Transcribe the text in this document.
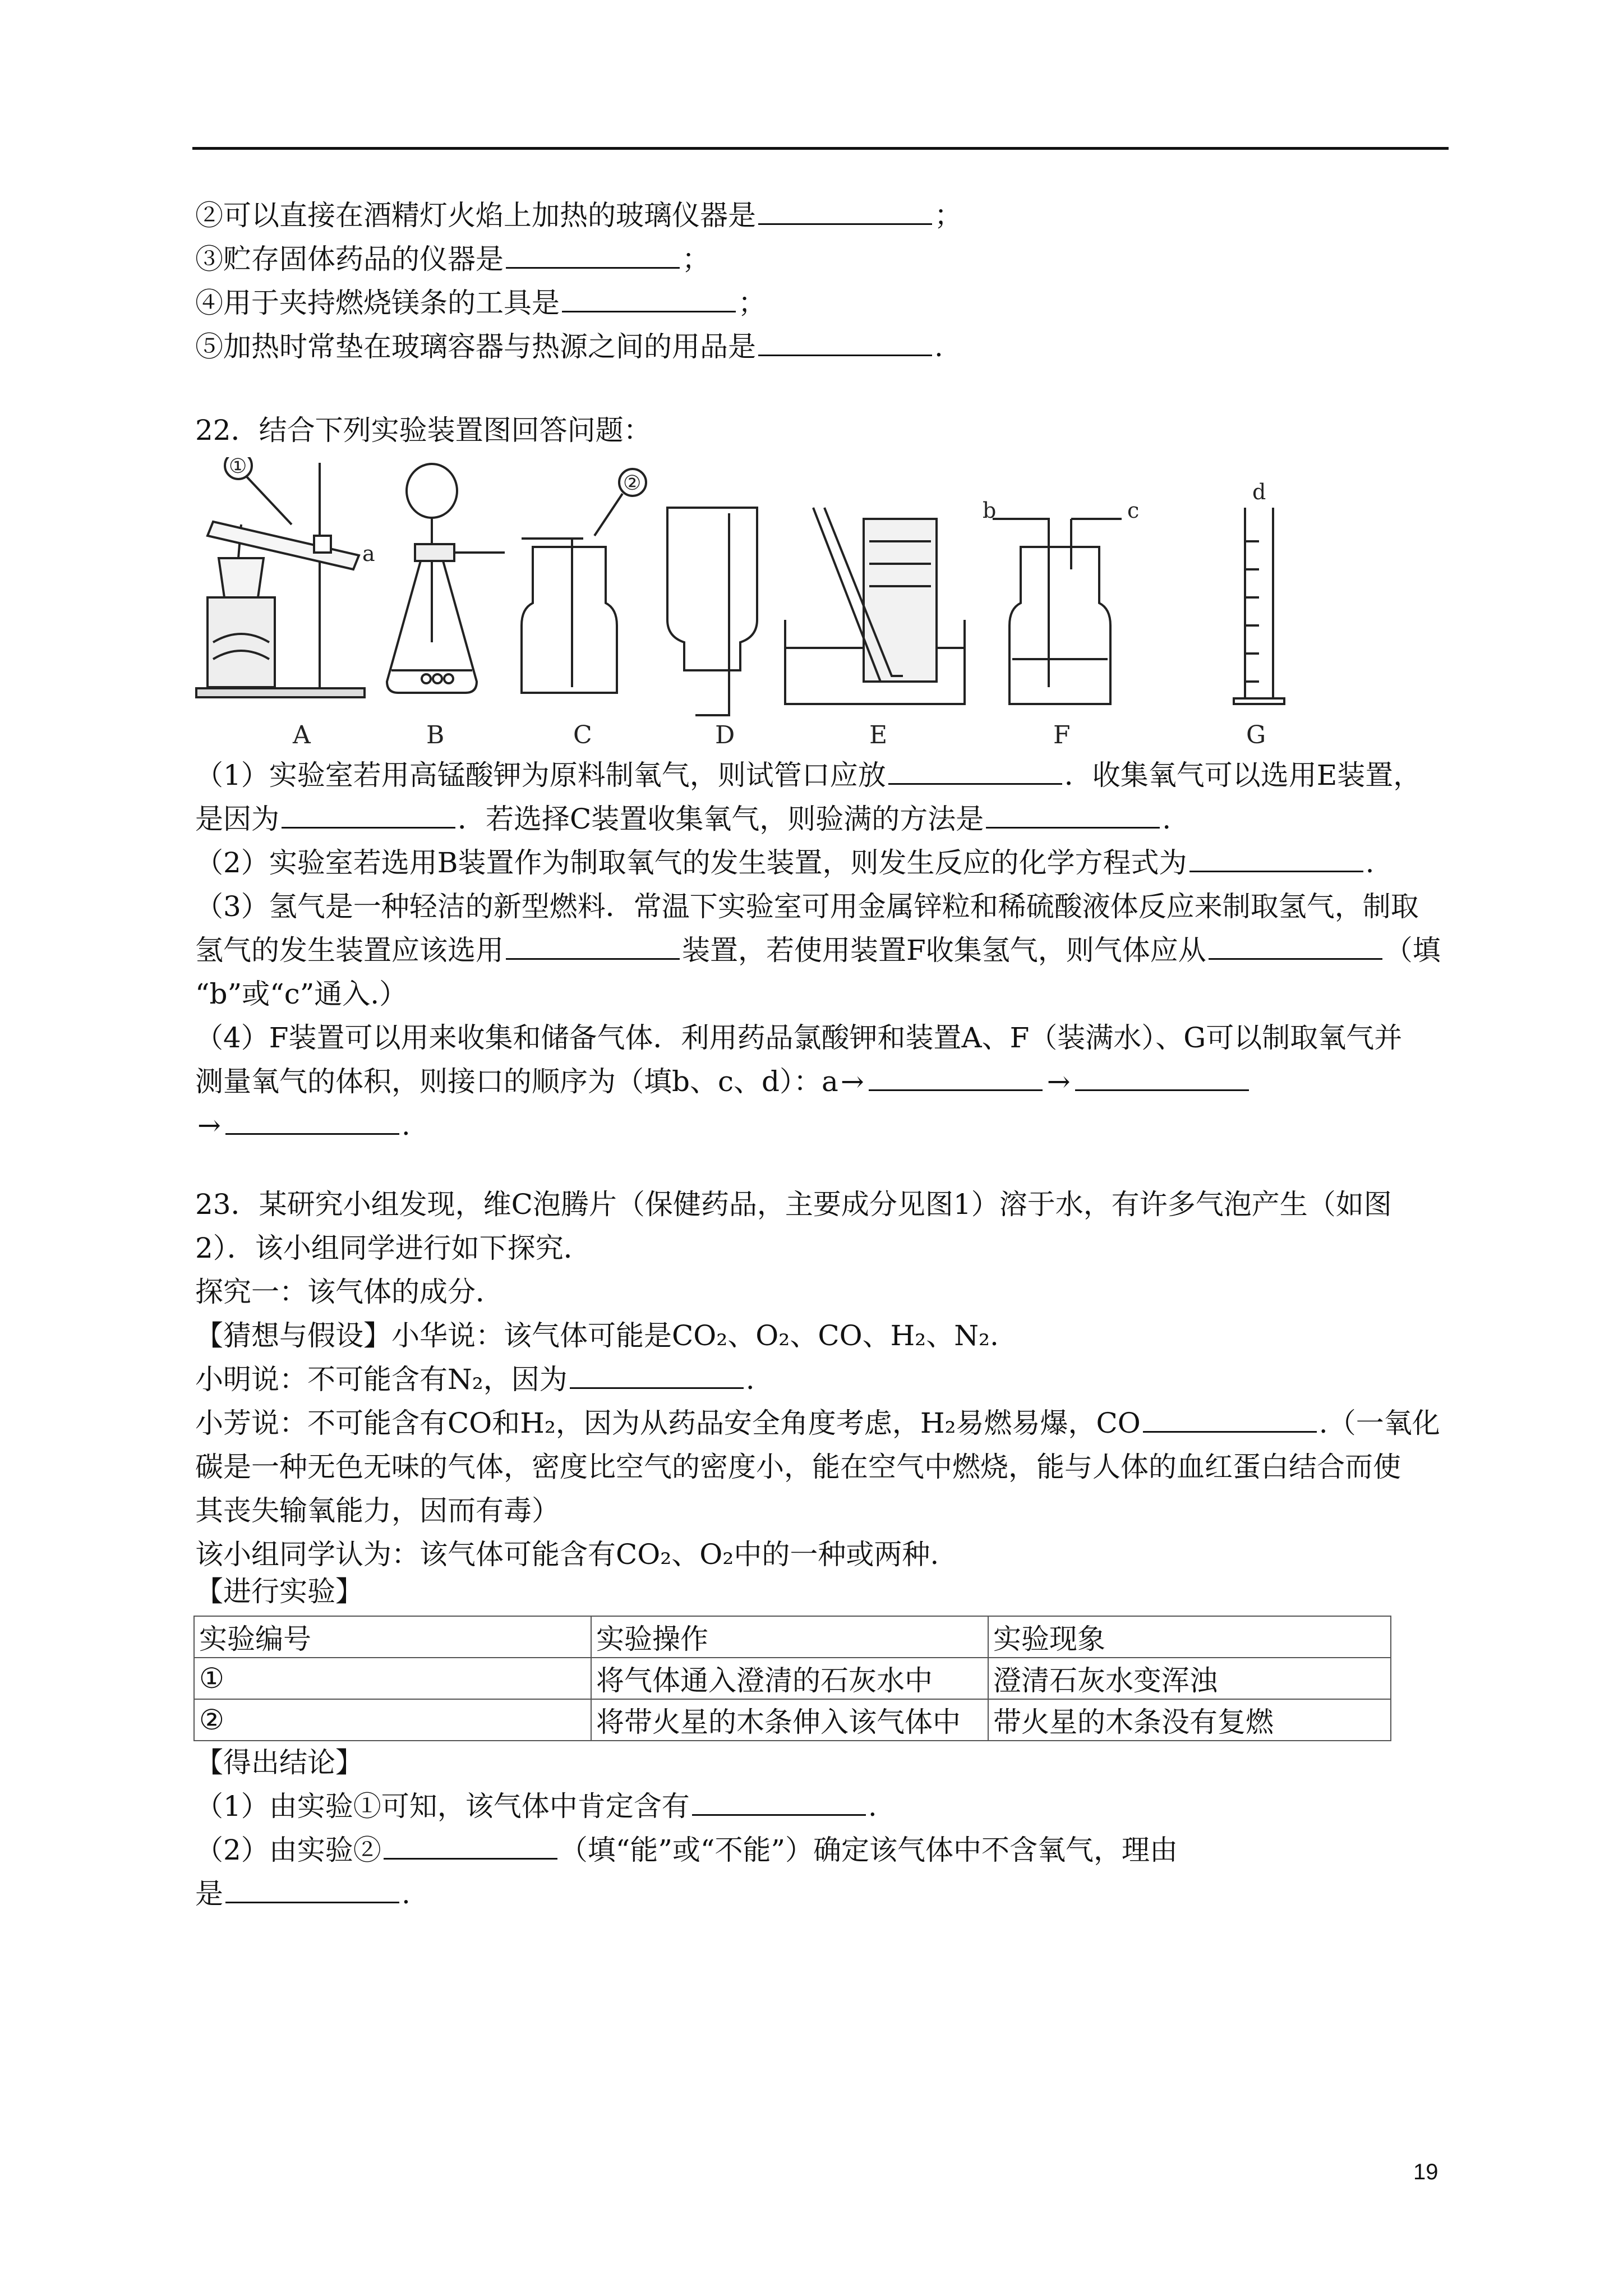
②可以直接在酒精灯火焰上加热的玻璃仪器是	；
③贮存固体药品的仪器是	；
④用于夹持燃烧镁条的工具是	；
⑤加热时常垫在玻璃容器与热源之间的用品是	.
22．结合下列实验装置图回答问题：
①
a
②
b	c
d
A	B	C	D	E	F	G
（1）实验室若用高锰酸钾为原料制氧气，则试管口应放	．收集氧气可以选用E装置，
是因为	．若选择C装置收集氧气，则验满的方法是	.
（2）实验室若选用B装置作为制取氧气的发生装置，则发生反应的化学方程式为	.
（3）氢气是一种轻洁的新型燃料．常温下实验室可用金属锌粒和稀硫酸液体反应来制取氢气，制取
氢气的发生装置应该选用	装置，若使用装置F收集氢气，则气体应从	（填
“b”或“c”通入.）
（4）F装置可以用来收集和储备气体．利用药品氯酸钾和装置A、F（装满水）、G可以制取氧气并
测量氧气的体积，则接口的顺序为（填b、c、d）：a→	→
→	.
23．某研究小组发现，维C泡腾片（保健药品，主要成分见图1）溶于水，有许多气泡产生（如图
2）．该小组同学进行如下探究．
探究一：该气体的成分．
【猜想与假设】小华说：该气体可能是CO₂、O₂、CO、H₂、N₂.
小明说：不可能含有N₂，因为	.
小芳说：不可能含有CO和H₂，因为从药品安全角度考虑，H₂易燃易爆，CO	.（一氧化
碳是一种无色无味的气体，密度比空气的密度小，能在空气中燃烧，能与人体的血红蛋白结合而使
其丧失输氧能力，因而有毒）
该小组同学认为：该气体可能含有CO₂、O₂中的一种或两种.
【进行实验】
实验编号	实验操作	实验现象
①	将气体通入澄清的石灰水中	澄清石灰水变浑浊
②	将带火星的木条伸入该气体中	带火星的木条没有复燃
【得出结论】
（1）由实验①可知，该气体中肯定含有	.
（2）由实验②	（填“能”或“不能”）确定该气体中不含氧气，理由
是	.
19
